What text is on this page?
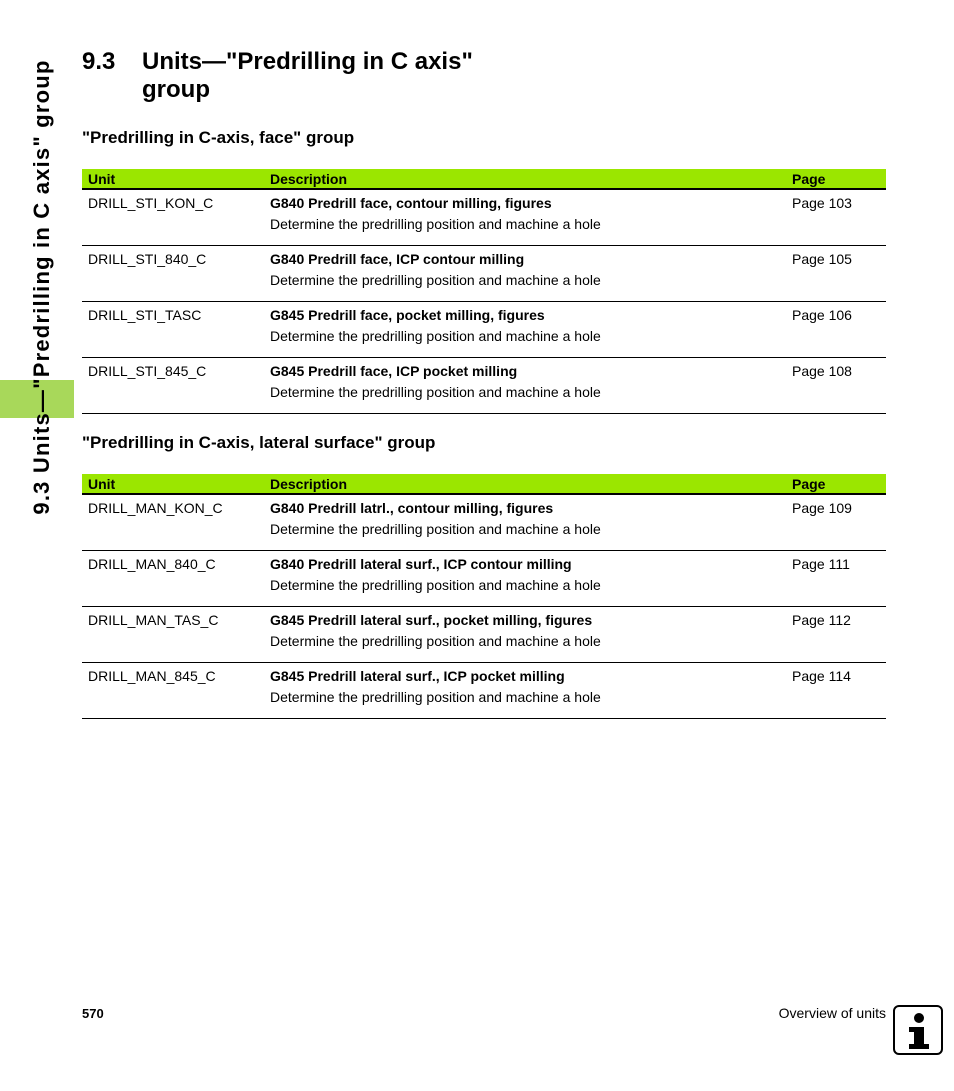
9.3 Units—"Predrilling in C axis" group 9.3	Units—"Predrilling in C axis"
group
"Predrilling in C-axis, face" group
Unit	Description	Page
DRILL_STI_KON_C	G840 Predrill face, contour milling, figures	Page 103
	Determine the predrilling position and machine a hole	
DRILL_STI_840_C	G840 Predrill face, ICP contour milling	Page 105
	Determine the predrilling position and machine a hole	
DRILL_STI_TASC	G845 Predrill face, pocket milling, figures	Page 106
	Determine the predrilling position and machine a hole	
DRILL_STI_845_C	G845 Predrill face, ICP pocket milling	Page 108
	Determine the predrilling position and machine a hole	
"Predrilling in C-axis, lateral surface" group
Unit	Description	Page
DRILL_MAN_KON_C	G840 Predrill latrl., contour milling, figures	Page 109
	Determine the predrilling position and machine a hole	
DRILL_MAN_840_C	G840 Predrill lateral surf., ICP contour milling	Page 111
	Determine the predrilling position and machine a hole	
DRILL_MAN_TAS_C	G845 Predrill lateral surf., pocket milling, figures	Page 112
	Determine the predrilling position and machine a hole	
DRILL_MAN_845_C	G845 Predrill lateral surf., ICP pocket milling	Page 114
	Determine the predrilling position and machine a hole	
570	Overview of units
